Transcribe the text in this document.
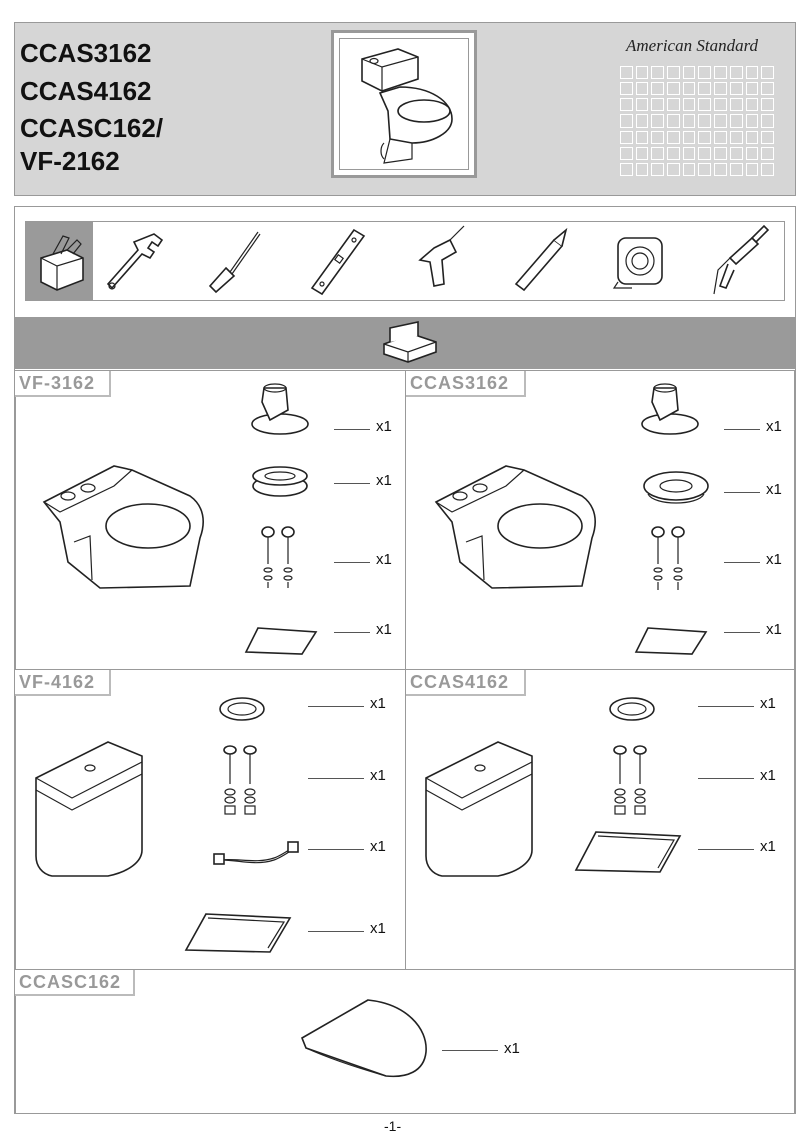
CCAS3162
CCAS4162
CCASC162/
VF-2162
American Standard
VF-3162	CCAS3162
VF-4162	CCAS4162
CCASC162
x1
x1
x1
x1
x1
x1
x1
x1
x1
x1
x1
x1
x1
x1
x1
x1
-1-
